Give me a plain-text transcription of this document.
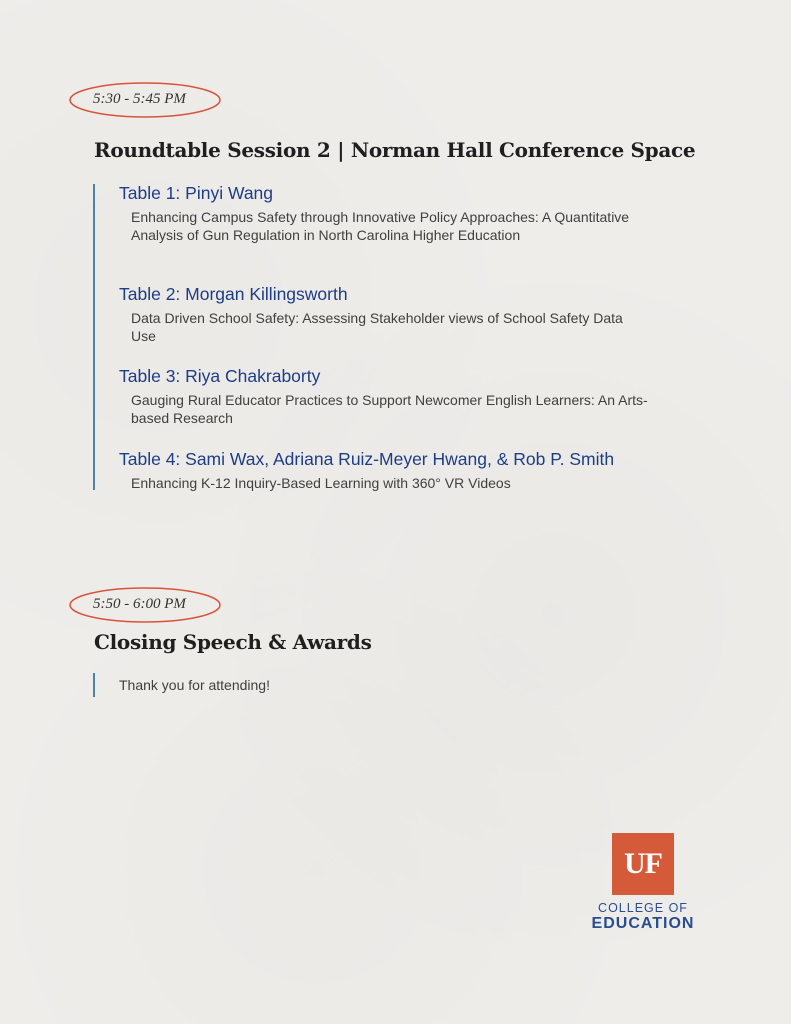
5:30 - 5:45 PM
Roundtable Session 2 | Norman Hall Conference Space

Table 1: Pinyi Wang

Enhancing Campus Safety through Innovative Policy Approaches: A Quantitative Analysis of Gun Regulation in North Carolina Higher Education

Table 2: Morgan Killingsworth

Data Driven School Safety: Assessing Stakeholder views of School Safety Data Use

Table 3: Riya Chakraborty

Gauging Rural Educator Practices to Support Newcomer English Learners: An Arts-based Research

Table 4: Sami Wax, Adriana Ruiz-Meyer Hwang, & Rob P. Smith

Enhancing K-12 Inquiry-Based Learning with 360° VR Videos

5:50 - 6:00 PM
Closing Speech & Awards
Thank you for attending!
UF
COLLEGE OF
EDUCATION
